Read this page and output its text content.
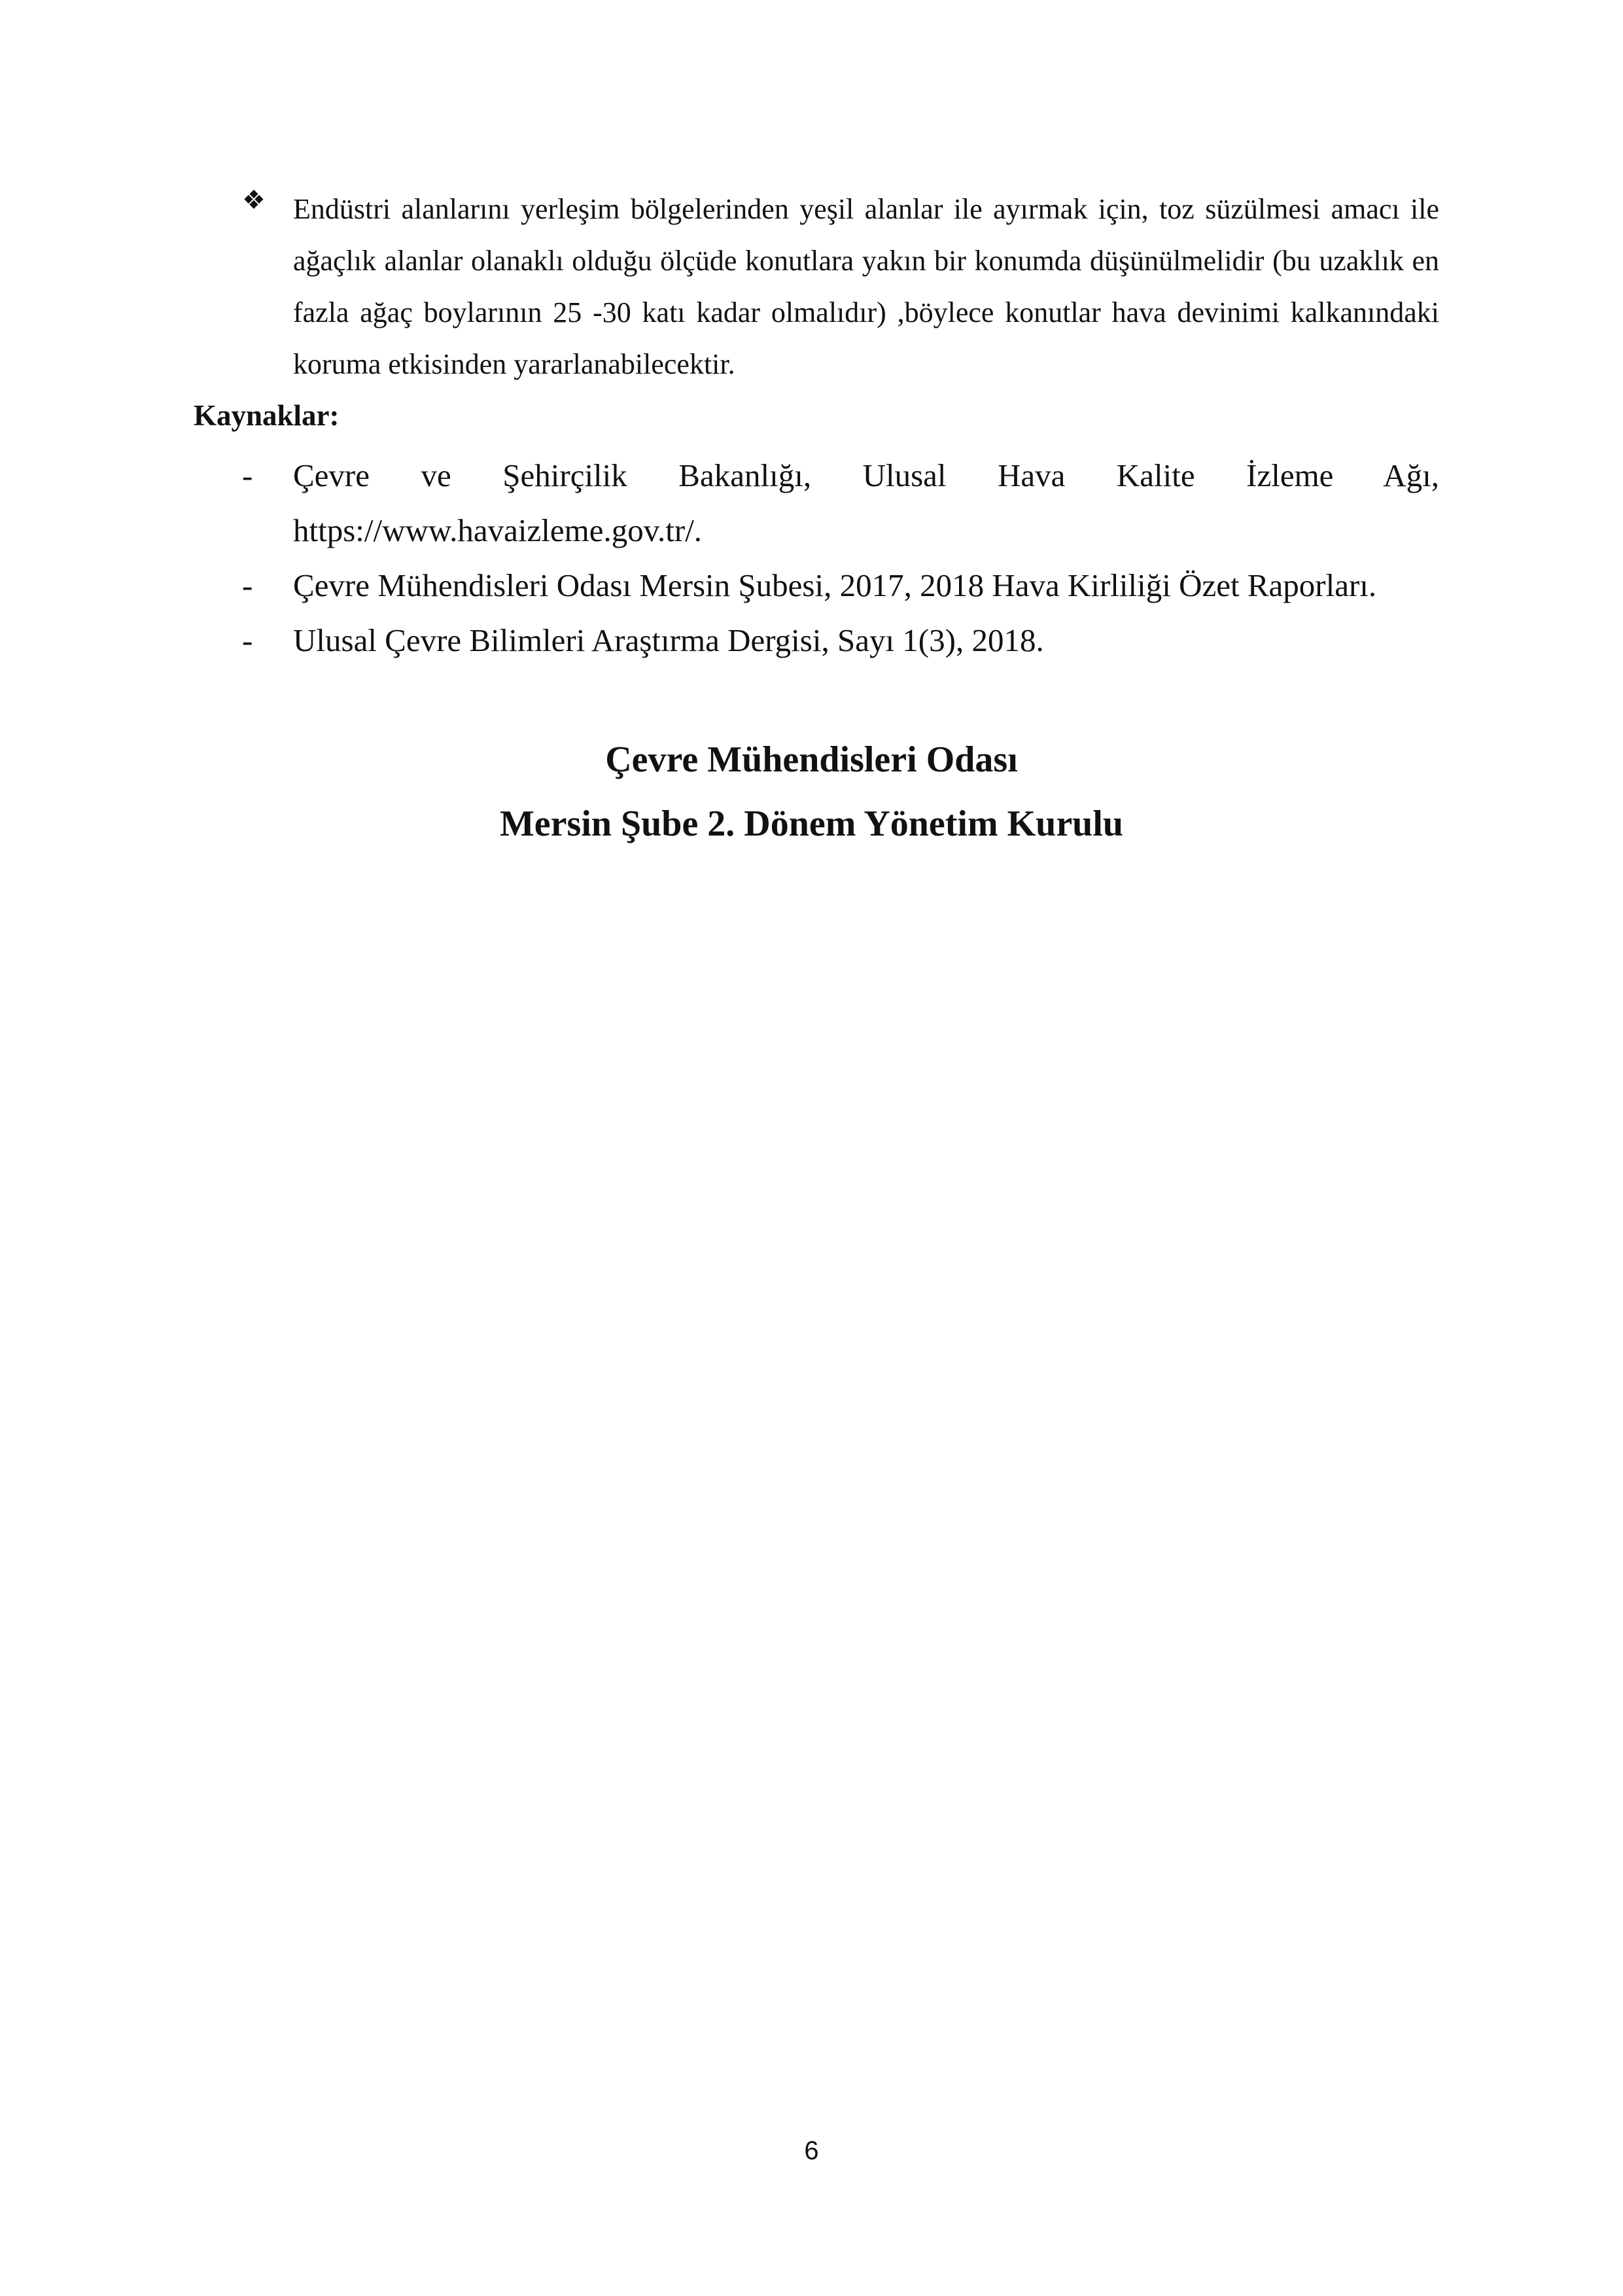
❖ Endüstri alanlarını yerleşim bölgelerinden yeşil alanlar ile ayırmak için, toz süzülmesi amacı ile ağaçlık alanlar olanaklı olduğu ölçüde konutlara yakın bir konumda düşünülmelidir (bu uzaklık en fazla ağaç boylarının 25 -30 katı kadar olmalıdır) ,böylece konutlar hava devinimi kalkanındaki koruma etkisinden yararlanabilecektir.
Kaynaklar:
- Çevre ve Şehirçilik Bakanlığı, Ulusal Hava Kalite İzleme Ağı, https://www.havaizleme.gov.tr/.
- Çevre Mühendisleri Odası Mersin Şubesi, 2017, 2018 Hava Kirliliği Özet Raporları.
- Ulusal Çevre Bilimleri Araştırma Dergisi, Sayı 1(3), 2018.
Çevre Mühendisleri Odası
Mersin Şube 2. Dönem Yönetim Kurulu
6
